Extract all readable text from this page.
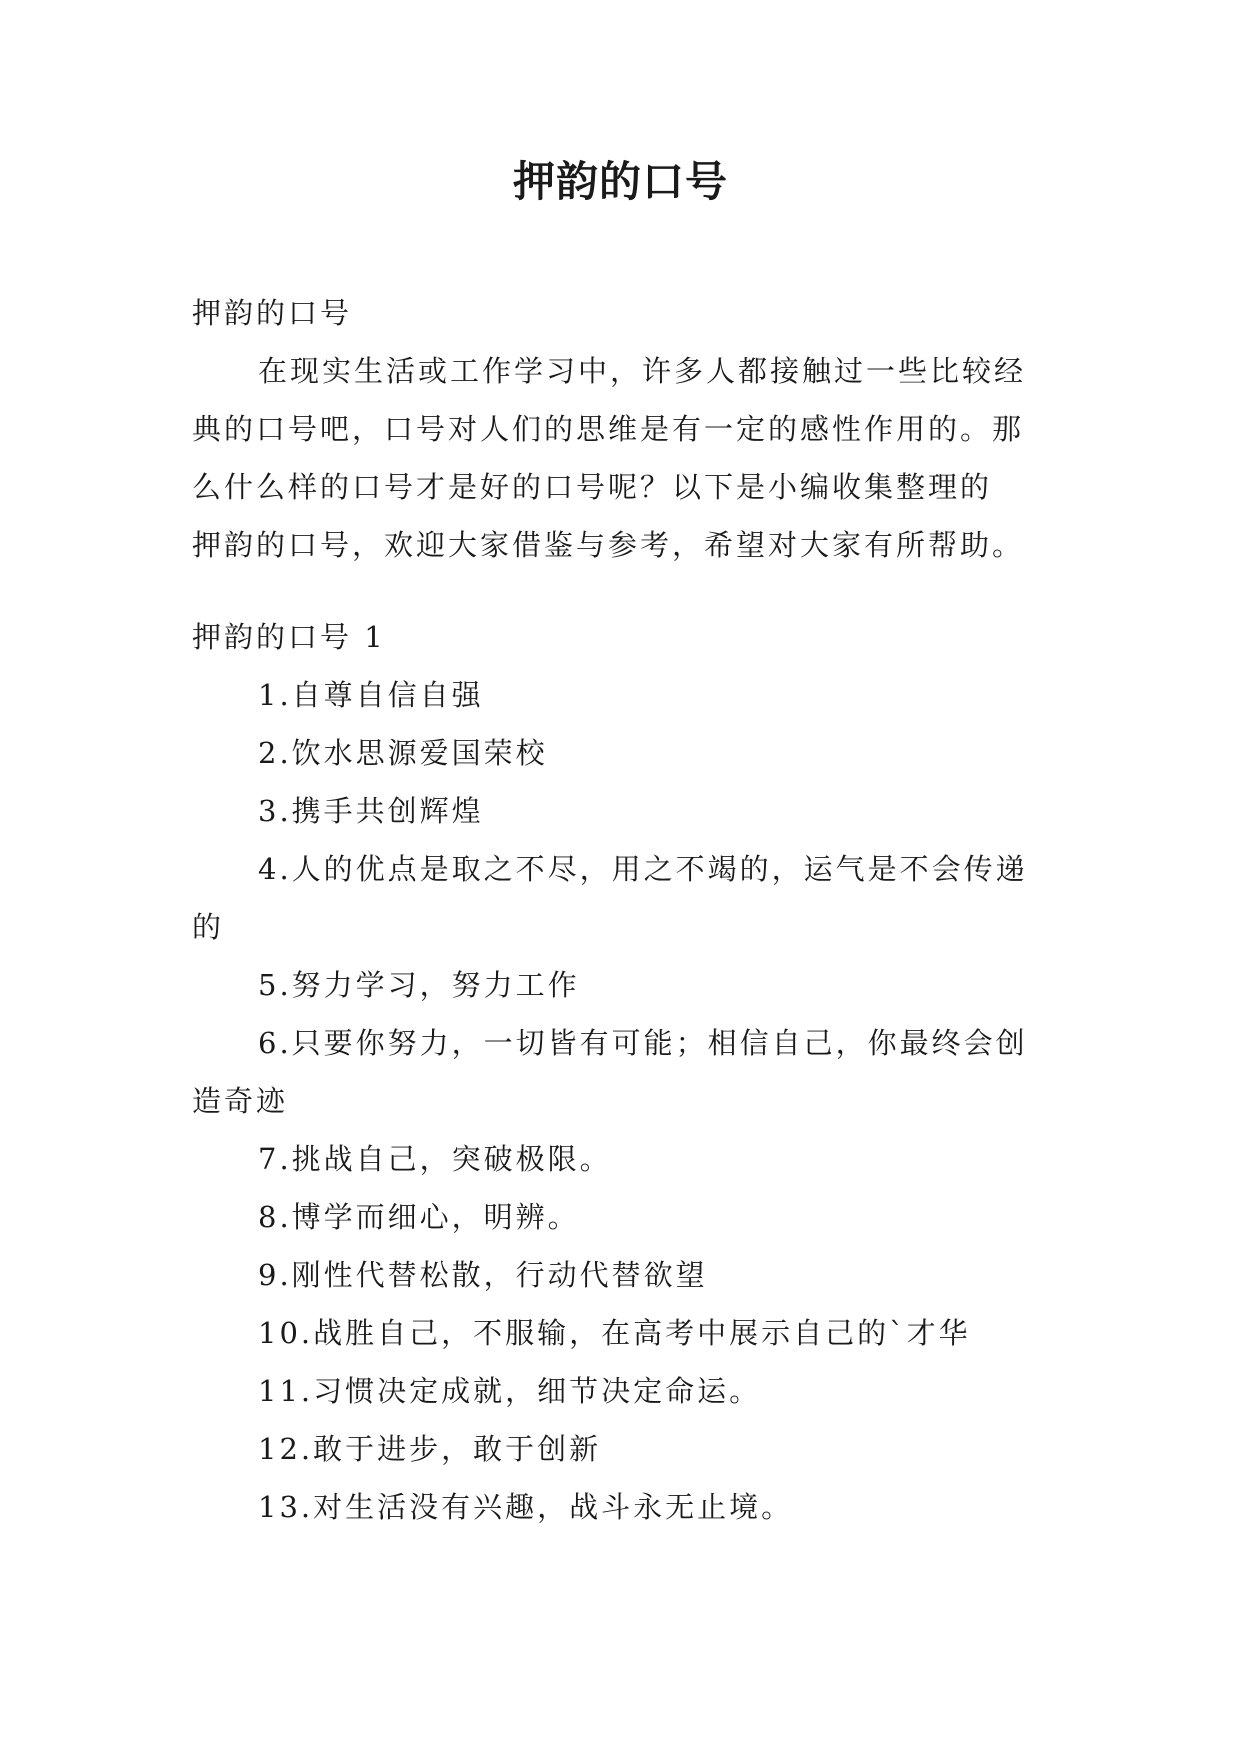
押韵的口号

押韵的口号

在现实生活或工作学习中，许多人都接触过一些比较经

典的口号吧，口号对人们的思维是有一定的感性作用的。那

么什么样的口号才是好的口号呢？以下是小编收集整理的

押韵的口号，欢迎大家借鉴与参考，希望对大家有所帮助。

押韵的口号 1

1.自尊自信自强

2.饮水思源爱国荣校

3.携手共创辉煌

4.人的优点是取之不尽，用之不竭的，运气是不会传递

的

5.努力学习，努力工作

6.只要你努力，一切皆有可能；相信自己，你最终会创

造奇迹

7.挑战自己，突破极限。

8.博学而细心，明辨。

9.刚性代替松散，行动代替欲望

10.战胜自己，不服输，在高考中展示自己的`才华

11.习惯决定成就，细节决定命运。

12.敢于进步，敢于创新

13.对生活没有兴趣，战斗永无止境。
